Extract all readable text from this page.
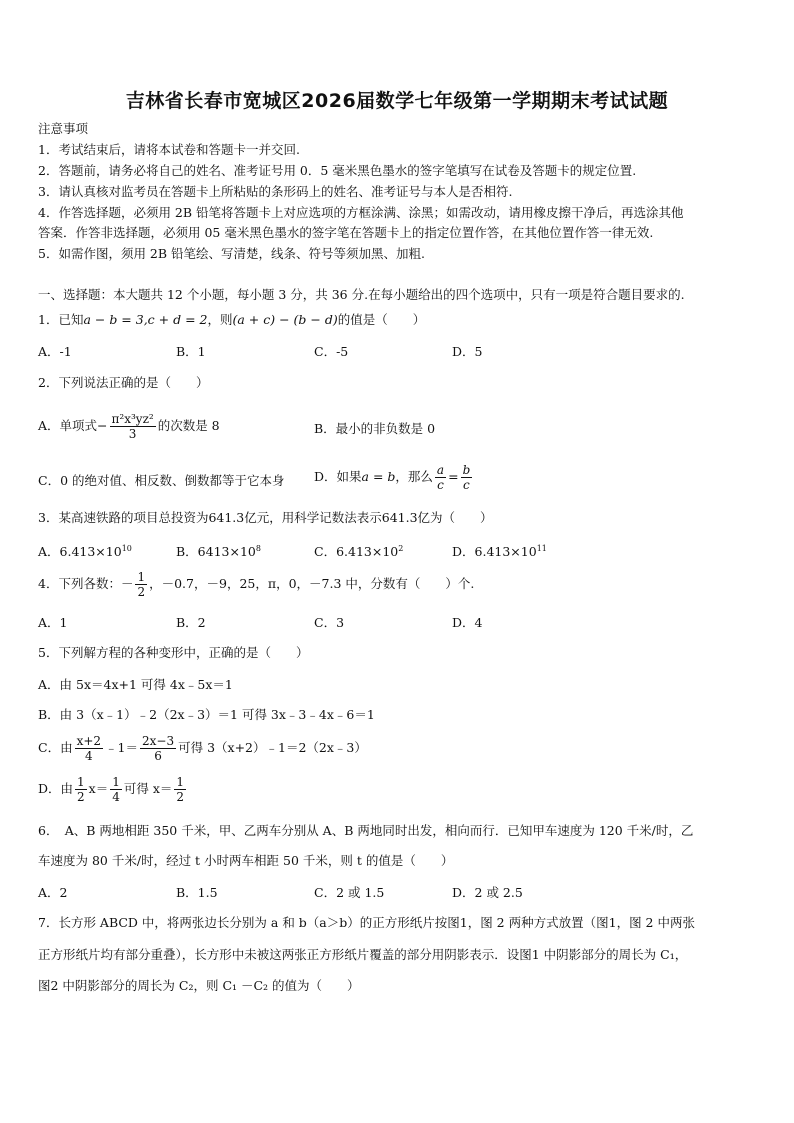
吉林省长春市宽城区2026届数学七年级第一学期期末考试试题
注意事项
1．考试结束后，请将本试卷和答题卡一并交回.
2．答题前，请务必将自己的姓名、准考证号用 0．5 毫米黑色墨水的签字笔填写在试卷及答题卡的规定位置.
3．请认真核对监考员在答题卡上所粘贴的条形码上的姓名、准考证号与本人是否相符.
4．作答选择题，必须用 2B 铅笔将答题卡上对应选项的方框涂满、涂黑；如需改动，请用橡皮擦干净后，再选涂其他
答案．作答非选择题，必须用 05 毫米黑色墨水的签字笔在答题卡上的指定位置作答，在其他位置作答一律无效.
5．如需作图，须用 2B 铅笔绘、写清楚，线条、符号等须加黑、加粗.
一、选择题：本大题共 12 个小题，每小题 3 分，共 36 分.在每小题给出的四个选项中，只有一项是符合题目要求的.
1．已知a − b = 3,c + d = 2，则(a + c) − (b − d)的值是（　　）
A．-1	B．1	C．-5	D．5
2．下列说法正确的是（　　）
A．单项式− $\frac{\text{π²x³yz²}}{3}$ 的次数是 8	B．最小的非负数是 0
C．0 的绝对值、相反数、倒数都等于它本身 D．如果a = b，那么 $\frac{a}{c} = \frac{b}{c}$
3．某高速铁路的项目总投资为641.3亿元，用科学记数法表示641.3亿为（　　）
A．$6.413\times 10^{10}$	B．$6413\times 10^8$	C．$6.413\times 10^2$	D．$6.413\times 10^{11}$
4．下列各数：－ $\frac{1}{2}$ ，－0.7，－9，25，π，0，－7.3 中，分数有（　　）个.
A．1	B．2	C．3	D．4
5．下列解方程的各种变形中，正确的是（　　）
A．由 5x＝4x+1 可得 4x﹣5x＝1
B．由 3（x﹣1）﹣2（2x﹣3）＝1 可得 3x﹣3﹣4x﹣6＝1
C．由 $\frac{x+2}{4}$ ﹣1＝ $\frac{2x-3}{6}$ 可得 3（x+2）﹣1＝2（2x﹣3）
D．由 $\frac{1}{2} x= \frac{1}{4}$ 可得 $x= \frac{1}{2}$
6．　A、B 两地相距 350 千米，甲、乙两车分别从 A、B 两地同时出发，相向而行．已知甲车速度为 120 千米/时，乙
车速度为 80 千米/时，经过 t 小时两车相距 50 千米，则 t 的值是（　　）
A．2	B．1.5	C．2 或 1.5	D．2 或 2.5
7．长方形 ABCD 中，将两张边长分别为 a 和 b（a＞b）的正方形纸片按图1，图 2 两种方式放置（图1，图 2 中两张
正方形纸片均有部分重叠），长方形中未被这两张正方形纸片覆盖的部分用阴影表示．设图1 中阴影部分的周长为 C₁，
图2 中阴影部分的周长为 C₂，则 C₁ －C₂ 的值为（　　）
